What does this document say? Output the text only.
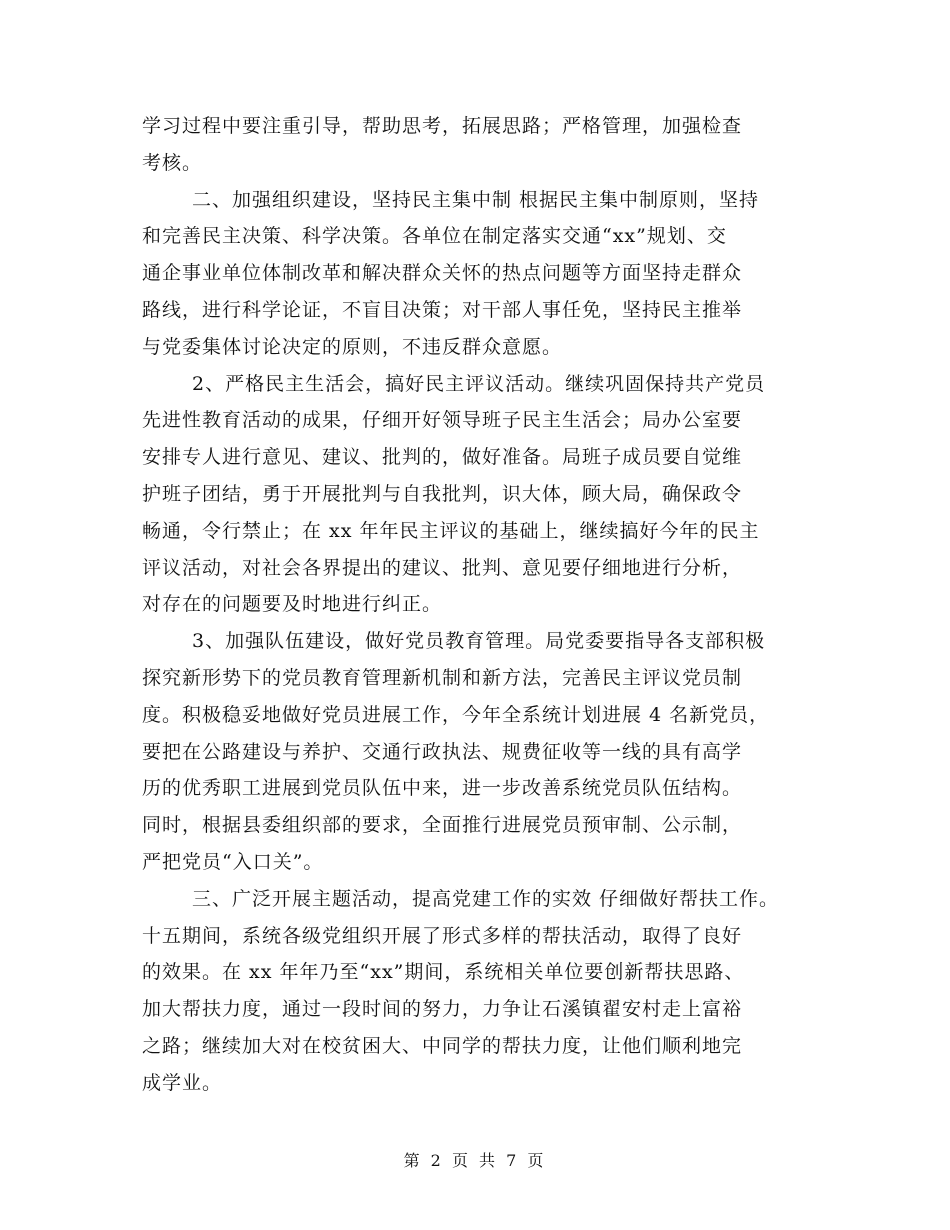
学习过程中要注重引导，帮助思考，拓展思路；严格管理，加强检查
考核。
二、加强组织建设，坚持民主集中制 根据民主集中制原则，坚持
和完善民主决策、科学决策。各单位在制定落实交通“xx”规划、交
通企事业单位体制改革和解决群众关怀的热点问题等方面坚持走群众
路线，进行科学论证，不盲目决策；对干部人事任免，坚持民主推举
与党委集体讨论决定的原则，不违反群众意愿。
2、严格民主生活会，搞好民主评议活动。继续巩固保持共产党员
先进性教育活动的成果，仔细开好领导班子民主生活会；局办公室要
安排专人进行意见、建议、批判的，做好准备。局班子成员要自觉维
护班子团结，勇于开展批判与自我批判，识大体，顾大局，确保政令
畅通，令行禁止；在 xx 年年民主评议的基础上，继续搞好今年的民主
评议活动，对社会各界提出的建议、批判、意见要仔细地进行分析，
对存在的问题要及时地进行纠正。
3、加强队伍建设，做好党员教育管理。局党委要指导各支部积极
探究新形势下的党员教育管理新机制和新方法，完善民主评议党员制
度。积极稳妥地做好党员进展工作，今年全系统计划进展 4 名新党员，
要把在公路建设与养护、交通行政执法、规费征收等一线的具有高学
历的优秀职工进展到党员队伍中来，进一步改善系统党员队伍结构。
同时，根据县委组织部的要求，全面推行进展党员预审制、公示制，
严把党员“入口关”。
三、广泛开展主题活动，提高党建工作的实效 仔细做好帮扶工作。
十五期间，系统各级党组织开展了形式多样的帮扶活动，取得了良好
的效果。在 xx 年年乃至“xx”期间，系统相关单位要创新帮扶思路、
加大帮扶力度，通过一段时间的努力，力争让石溪镇翟安村走上富裕
之路；继续加大对在校贫困大、中同学的帮扶力度，让他们顺利地完
成学业。
第 2 页 共 7 页
